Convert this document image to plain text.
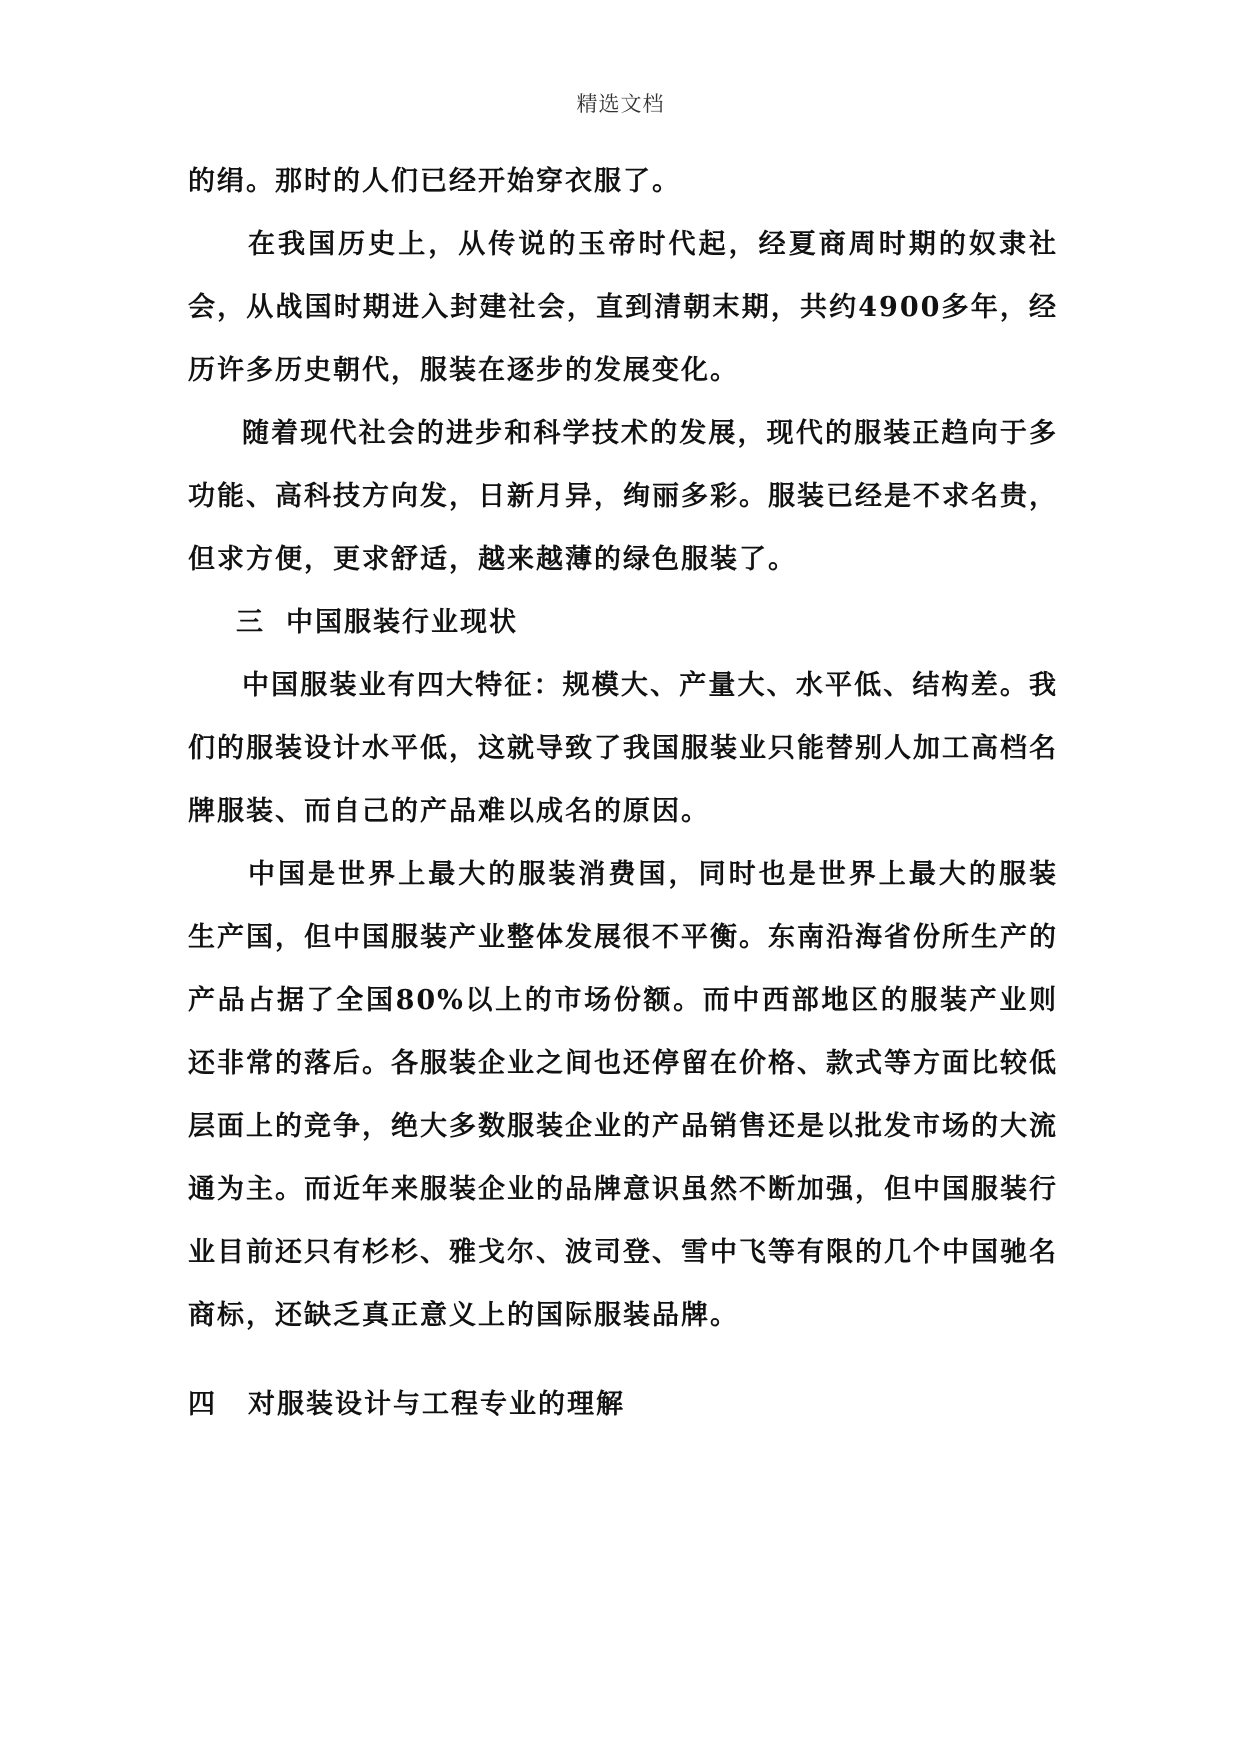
精选文档

的绢。那时的人们已经开始穿衣服了。

在我国历史上，从传说的玉帝时代起，经夏商周时期的奴隶社会，从战国时期进入封建社会，直到清朝末期，共约4900多年，经历许多历史朝代，服装在逐步的发展变化。

随着现代社会的进步和科学技术的发展，现代的服装正趋向于多功能、高科技方向发，日新月异，绚丽多彩。服装已经是不求名贵，但求方便，更求舒适，越来越薄的绿色服装了。

三 中国服装行业现状

中国服装业有四大特征：规模大、产量大、水平低、结构差。我们的服装设计水平低，这就导致了我国服装业只能替别人加工高档名牌服装、而自己的产品难以成名的原因。

中国是世界上最大的服装消费国，同时也是世界上最大的服装生产国，但中国服装产业整体发展很不平衡。东南沿海省份所生产的产品占据了全国80%以上的市场份额。而中西部地区的服装产业则还非常的落后。各服装企业之间也还停留在价格、款式等方面比较低层面上的竞争，绝大多数服装企业的产品销售还是以批发市场的大流通为主。而近年来服装企业的品牌意识虽然不断加强，但中国服装行业目前还只有杉杉、雅戈尔、波司登、雪中飞等有限的几个中国驰名商标，还缺乏真正意义上的国际服装品牌。

四 对服装设计与工程专业的理解
